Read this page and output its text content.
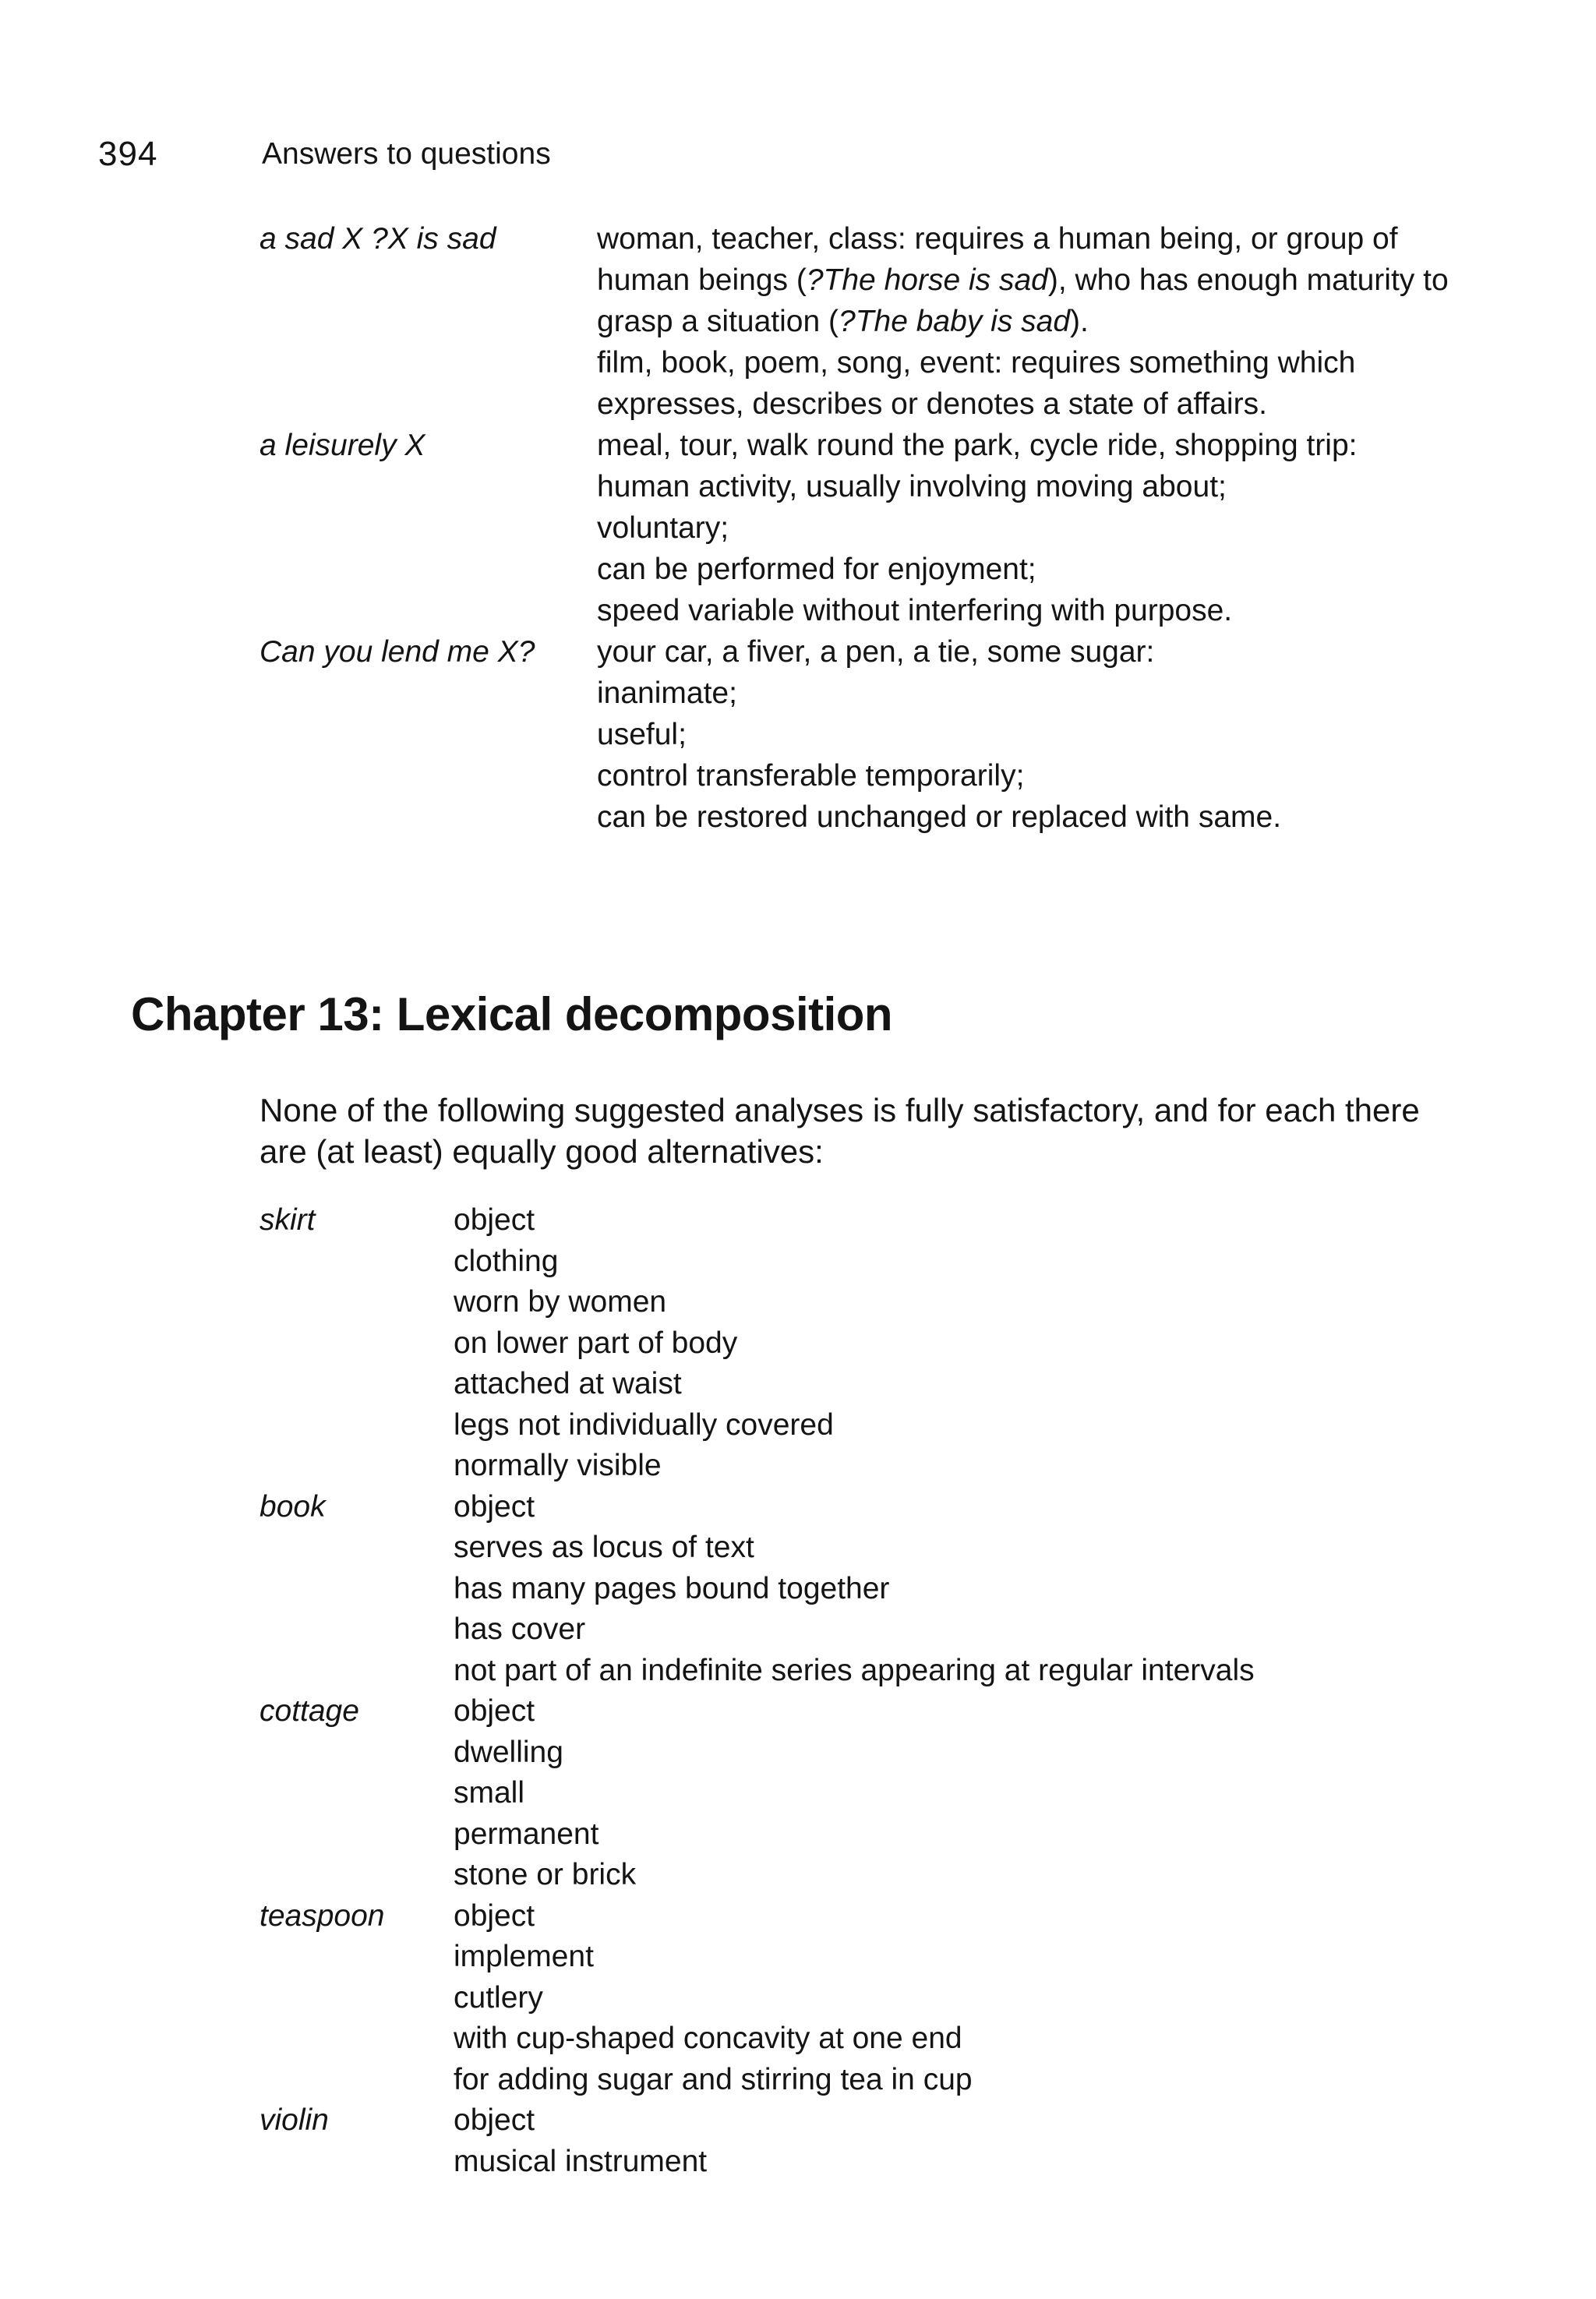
394	Answers to questions
a sad X ?X is sad	woman, teacher, class: requires a human being, or group of
human beings (?The horse is sad), who has enough maturity to
grasp a situation (?The baby is sad).
film, book, poem, song, event: requires something which
expresses, describes or denotes a state of affairs.
a leisurely X	meal, tour, walk round the park, cycle ride, shopping trip:
human activity, usually involving moving about;
voluntary;
can be performed for enjoyment;
speed variable without interfering with purpose.
Can you lend me X? your car, a fiver, a pen, a tie, some sugar:
inanimate;
useful;
control transferable temporarily;
can be restored unchanged or replaced with same.
Chapter 13: Lexical decomposition

None of the following suggested analyses is fully satisfactory, and for each there
are (at least) equally good alternatives:

skirt	object
clothing
worn by women
on lower part of body
attached at waist
legs not individually covered
normally visible
book	object
serves as locus of text
has many pages bound together
has cover
not part of an indefinite series appearing at regular intervals
cottage	object
dwelling
small
permanent
stone or brick
teaspoon object
implement
cutlery
with cup-shaped concavity at one end
for adding sugar and stirring tea in cup
violin	object
musical instrument
